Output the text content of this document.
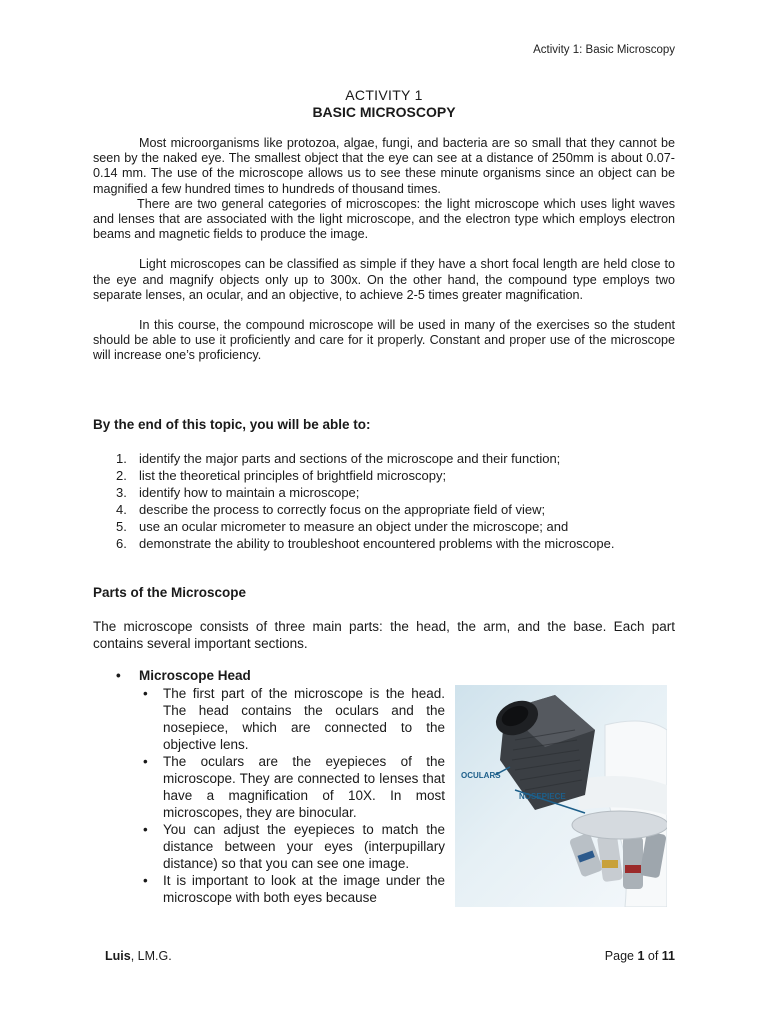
Activity 1: Basic Microscopy
ACTIVITY 1
BASIC MICROSCOPY

Most microorganisms like protozoa, algae, fungi, and bacteria are so small that they cannot be seen by the naked eye. The smallest object that the eye can see at a distance of 250mm is about 0.07-0.14 mm. The use of the microscope allows us to see these minute organisms since an object can be magnified a few hundred times to hundreds of thousand times.

There are two general categories of microscopes: the light microscope which uses light waves and lenses that are associated with the light microscope, and the electron type which employs electron beams and magnetic fields to produce the image.

Light microscopes can be classified as simple if they have a short focal length are held close to the eye and magnify objects only up to 300x. On the other hand, the compound type employs two separate lenses, an ocular, and an objective, to achieve 2-5 times greater magnification.

In this course, the compound microscope will be used in many of the exercises so the student should be able to use it proficiently and care for it properly. Constant and proper use of the microscope will increase one’s proficiency.

By the end of this topic, you will be able to:
1. identify the major parts and sections of the microscope and their function;
2. list the theoretical principles of brightfield microscopy;
3. identify how to maintain a microscope;
4. describe the process to correctly focus on the appropriate field of view;
5. use an ocular micrometer to measure an object under the microscope; and
6. demonstrate the ability to troubleshoot encountered problems with the microscope.
Parts of the Microscope

The microscope consists of three main parts: the head, the arm, and the base. Each part contains several important sections.

• Microscope Head
• The first part of the microscope is the head. The head contains the oculars and the nosepiece, which are connected to the objective lens.
• The oculars are the eyepieces of the microscope. They are connected to lenses that have a magnification of 10X. In most microscopes, they are binocular.
• You can adjust the eyepieces to match the distance between your eyes (interpupillary distance) so that you can see one image.
• It is important to look at the image under the microscope with both eyes because
OCULARS
NOSEPIECE
Luis, LM.G.	Page 1 of 11
